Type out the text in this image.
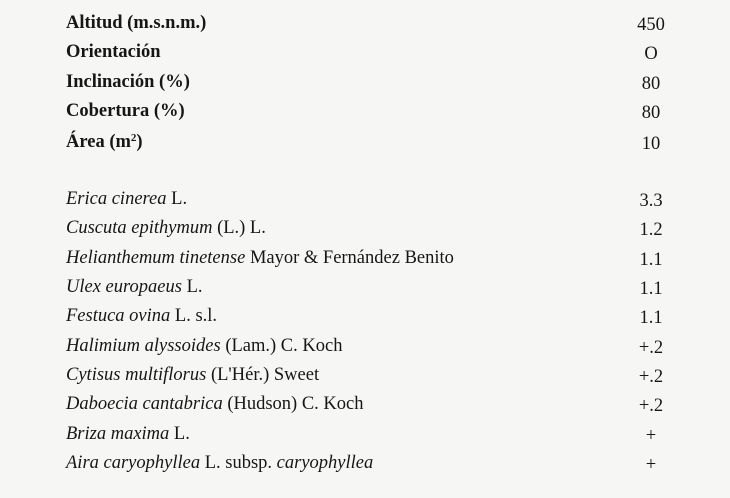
Altitud (m.s.n.m.)	450
Orientación	O
Inclinación (%)	80
Cobertura (%)	80
Área $(m^2)$	10
Erica cinerea L.	3.3
Cuscuta epithymum (L.) L.	1.2
Helianthemum tinetense Mayor & Fernández Benito	1.1
Ulex europaeus L.	1.1
Festuca ovina L. s.l.	1.1
Halimium alyssoides (Lam.) C. Koch	+.2
Cytisus multiflorus (L'Hér.) Sweet	+.2
Daboecia cantabrica (Hudson) C. Koch	+.2
Briza maxima L.	+
Aira caryophyllea L. subsp. caryophyllea	+
